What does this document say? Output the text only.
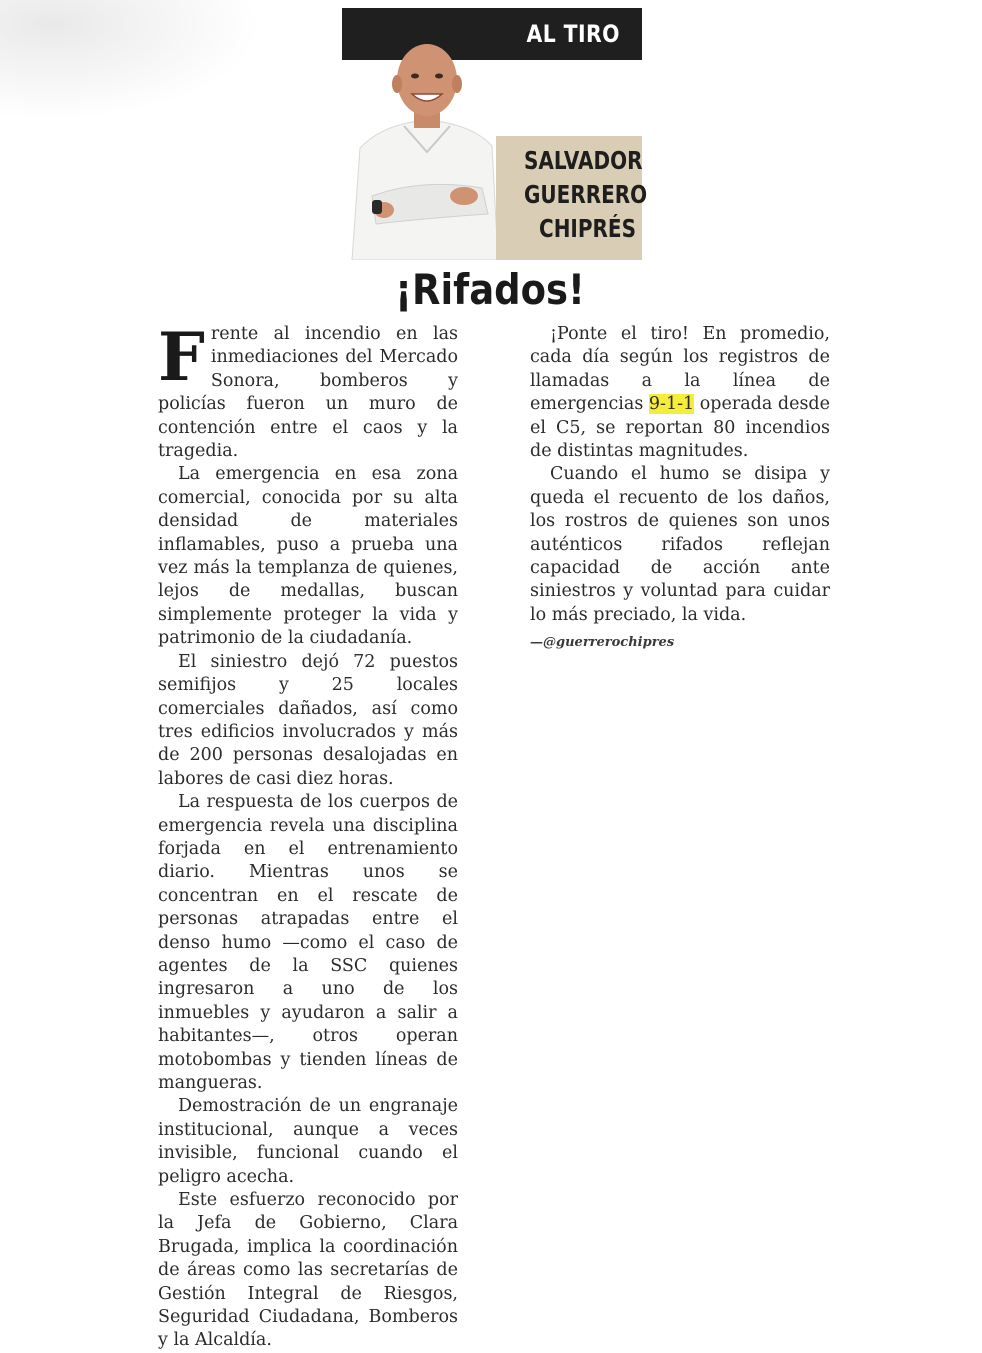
AL TIRO
SALVADOR
GUERRERO
CHIPRÉS
¡Rifados!

Frente al incendio en las inmediaciones del Mercado Sonora, bomberos y policías fueron un muro de contención entre el caos y la tragedia.

La emergencia en esa zona comercial, conocida por su alta densidad de materiales inflamables, puso a prueba una vez más la templanza de quienes, lejos de medallas, buscan simplemente proteger la vida y patrimonio de la ciudadanía.

El siniestro dejó 72 puestos semifijos y 25 locales comerciales dañados, así como tres edificios involucrados y más de 200 personas desalojadas en labores de casi diez horas.

La respuesta de los cuerpos de emergencia revela una disciplina forjada en el entrenamiento diario. Mientras unos se concentran en el rescate de personas atrapadas entre el denso humo —como el caso de agentes de la SSC quienes ingresaron a uno de los inmuebles y ayudaron a salir a habitantes—, otros operan motobombas y tienden líneas de mangueras.

Demostración de un engranaje institucional, aunque a veces invisible, funcional cuando el peligro acecha.

Este esfuerzo reconocido por la Jefa de Gobierno, Clara Brugada, implica la coordinación de áreas como las secretarías de Gestión Integral de Riesgos, Seguridad Ciudadana, Bomberos y la Alcaldía.

¡Ponte el tiro! En promedio, cada día según los registros de llamadas a la línea de emergencias 9-1-1 operada desde el C5, se reportan 80 incendios de distintas magnitudes.

Cuando el humo se disipa y queda el recuento de los daños, los rostros de quienes son unos auténticos rifados reflejan capacidad de acción ante siniestros y voluntad para cuidar lo más preciado, la vida.

—@guerrerochipres
